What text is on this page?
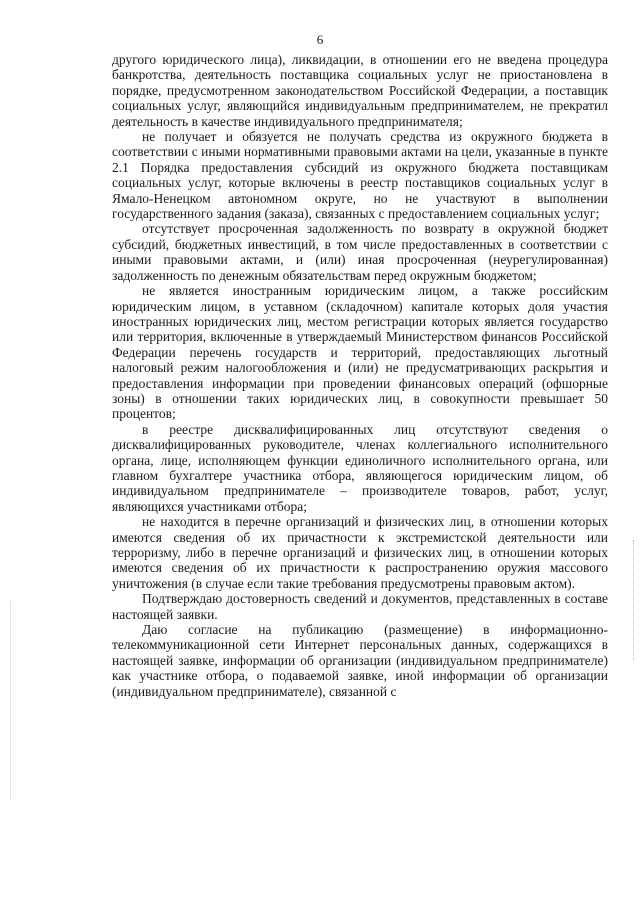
6

другого юридического лица), ликвидации, в отношении его не введена процедура банкротства, деятельность поставщика социальных услуг не приостановлена в порядке, предусмотренном законодательством Российской Федерации, а поставщик социальных услуг, являющийся индивидуальным предпринимателем, не прекратил деятельность в качестве индивидуального предпринимателя;

не получает и обязуется не получать средства из окружного бюджета в соответствии с иными нормативными правовыми актами на цели, указанные в пункте 2.1 Порядка предоставления субсидий из окружного бюджета поставщикам социальных услуг, которые включены в реестр поставщиков социальных услуг в Ямало-Ненецком автономном округе, но не участвуют в выполнении государственного задания (заказа), связанных с предоставлением социальных услуг;

отсутствует просроченная задолженность по возврату в окружной бюджет субсидий, бюджетных инвестиций, в том числе предоставленных в соответствии с иными правовыми актами, и (или) иная просроченная (неурегулированная) задолженность по денежным обязательствам перед окружным бюджетом;

не является иностранным юридическим лицом, а также российским юридическим лицом, в уставном (складочном) капитале которых доля участия иностранных юридических лиц, местом регистрации которых является государство или территория, включенные в утверждаемый Министерством финансов Российской Федерации перечень государств и территорий, предоставляющих льготный налоговый режим налогообложения и (или) не предусматривающих раскрытия и предоставления информации при проведении финансовых операций (офшорные зоны) в отношении таких юридических лиц, в совокупности превышает 50 процентов;

в реестре дисквалифицированных лиц отсутствуют сведения о дисквалифицированных руководителе, членах коллегиального исполнительного органа, лице, исполняющем функции единоличного исполнительного органа, или главном бухгалтере участника отбора, являющегося юридическим лицом, об индивидуальном предпринимателе – производителе товаров, работ, услуг, являющихся участниками отбора;

не находится в перечне организаций и физических лиц, в отношении которых имеются сведения об их причастности к экстремистской деятельности или терроризму, либо в перечне организаций и физических лиц, в отношении которых имеются сведения об их причастности к распространению оружия массового уничтожения (в случае если такие требования предусмотрены правовым актом).

Подтверждаю достоверность сведений и документов, представленных в составе настоящей заявки.

Даю согласие на публикацию (размещение) в информационно-телекоммуникационной сети Интернет персональных данных, содержащихся в настоящей заявке, информации об организации (индивидуальном предпринимателе) как участнике отбора, о подаваемой заявке, иной информации об организации (индивидуальном предпринимателе), связанной с
